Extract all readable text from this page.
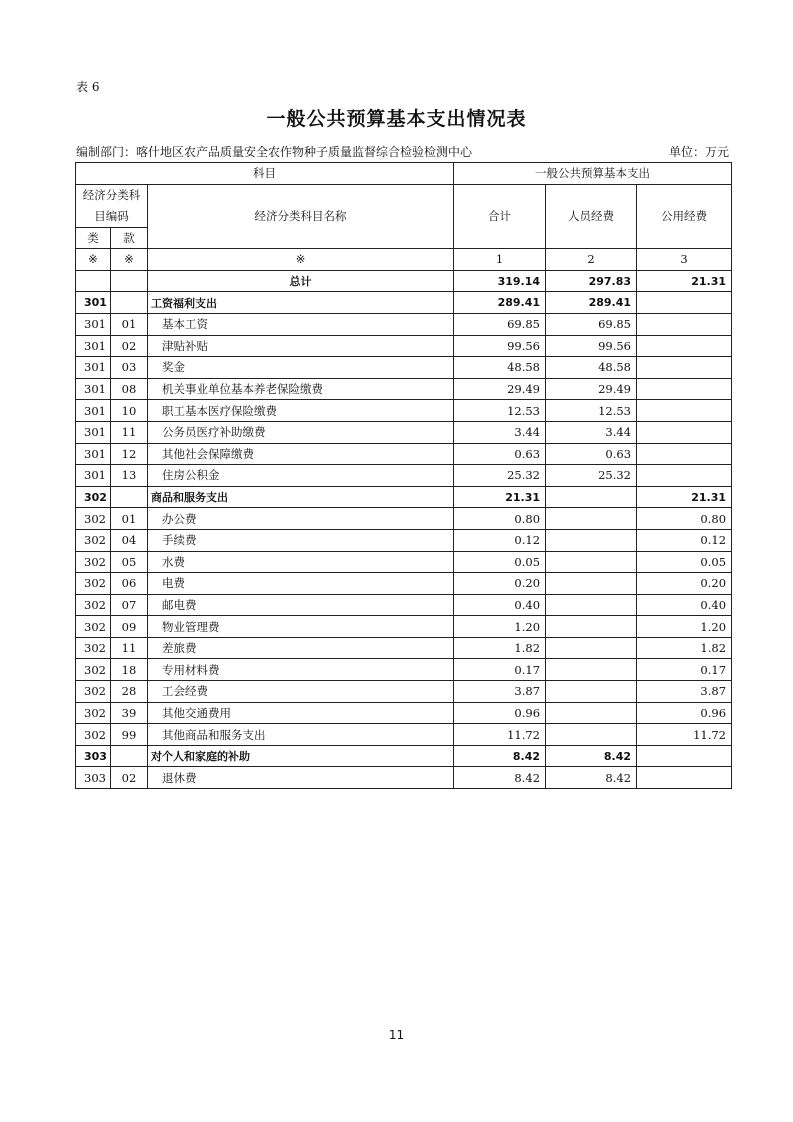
表 6
一般公共预算基本支出情况表
编制部门：喀什地区农产品质量安全农作物种子质量监督综合检验检测中心	单位：万元
科目			一般公共预算基本支出		
经济分类科目编码		经济分类科目名称	合计	人员经费	公用经费
类	款				
※	※	※	1	2	3
		总计	319.14	297.83	21.31
301		工资福利支出	289.41	289.41	
301	01	基本工资	69.85	69.85	
301	02	津贴补贴	99.56	99.56	
301	03	奖金	48.58	48.58	
301	08	机关事业单位基本养老保险缴费	29.49	29.49	
301	10	职工基本医疗保险缴费	12.53	12.53	
301	11	公务员医疗补助缴费	3.44	3.44	
301	12	其他社会保障缴费	0.63	0.63	
301	13	住房公积金	25.32	25.32	
302		商品和服务支出	21.31		21.31
302	01	办公费	0.80		0.80
302	04	手续费	0.12		0.12
302	05	水费	0.05		0.05
302	06	电费	0.20		0.20
302	07	邮电费	0.40		0.40
302	09	物业管理费	1.20		1.20
302	11	差旅费	1.82		1.82
302	18	专用材料费	0.17		0.17
302	28	工会经费	3.87		3.87
302	39	其他交通费用	0.96		0.96
302	99	其他商品和服务支出	11.72		11.72
303		对个人和家庭的补助	8.42	8.42	
303	02	退休费	8.42	8.42	
11
